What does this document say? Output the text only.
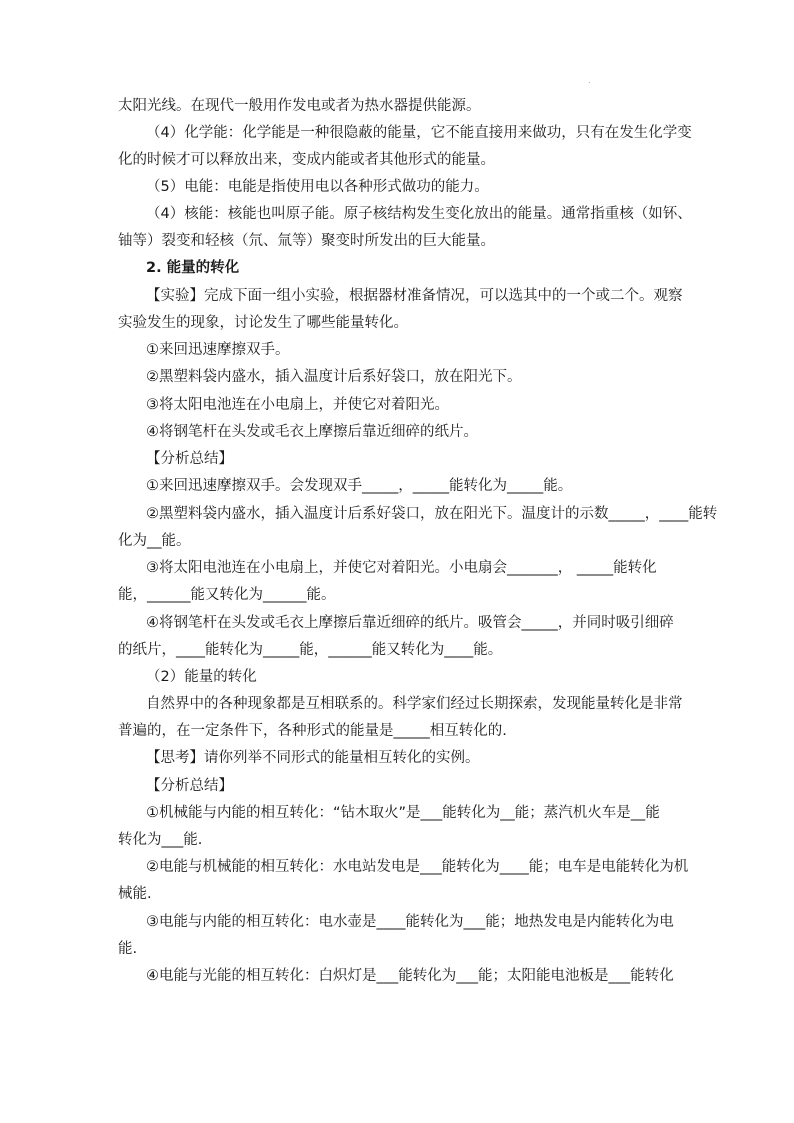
.
太阳光线。在现代一般用作发电或者为热水器提供能源。
（4）化学能：化学能是一种很隐蔽的能量，它不能直接用来做功，只有在发生化学变
化的时候才可以释放出来，变成内能或者其他形式的能量。
（5）电能：电能是指使用电以各种形式做功的能力。
（4）核能：核能也叫原子能。原子核结构发生变化放出的能量。通常指重核（如钚、
铀等）裂变和轻核（氘、氚等）聚变时所发出的巨大能量。
2. 能量的转化
【实验】完成下面一组小实验，根据器材准备情况，可以选其中的一个或二个。观察
实验发生的现象，讨论发生了哪些能量转化。
①来回迅速摩擦双手。
②黑塑料袋内盛水，插入温度计后系好袋口，放在阳光下。
③将太阳电池连在小电扇上，并使它对着阳光。
④将钢笔杆在头发或毛衣上摩擦后靠近细碎的纸片。
【分析总结】
①来回迅速摩擦双手。会发现双手_____，_____能转化为_____能。
②黑塑料袋内盛水，插入温度计后系好袋口，放在阳光下。温度计的示数_____，____能转
化为__能。
③将太阳电池连在小电扇上，并使它对着阳光。小电扇会_______， _____能转化
能，______能又转化为______能。
④将钢笔杆在头发或毛衣上摩擦后靠近细碎的纸片。吸管会_____，并同时吸引细碎
的纸片，____能转化为_____能，______能又转化为____能。
（2）能量的转化
自然界中的各种现象都是互相联系的。科学家们经过长期探索，发现能量转化是非常
普遍的，在一定条件下，各种形式的能量是_____相互转化的.
【思考】请你列举不同形式的能量相互转化的实例。
【分析总结】
①机械能与内能的相互转化：“钻木取火”是___能转化为__能；蒸汽机火车是__能
转化为___能.
②电能与机械能的相互转化：水电站发电是___能转化为____能；电车是电能转化为机
械能.
③电能与内能的相互转化：电水壶是____能转化为___能；地热发电是内能转化为电
能.
④电能与光能的相互转化：白炽灯是___能转化为___能；太阳能电池板是___能转化
